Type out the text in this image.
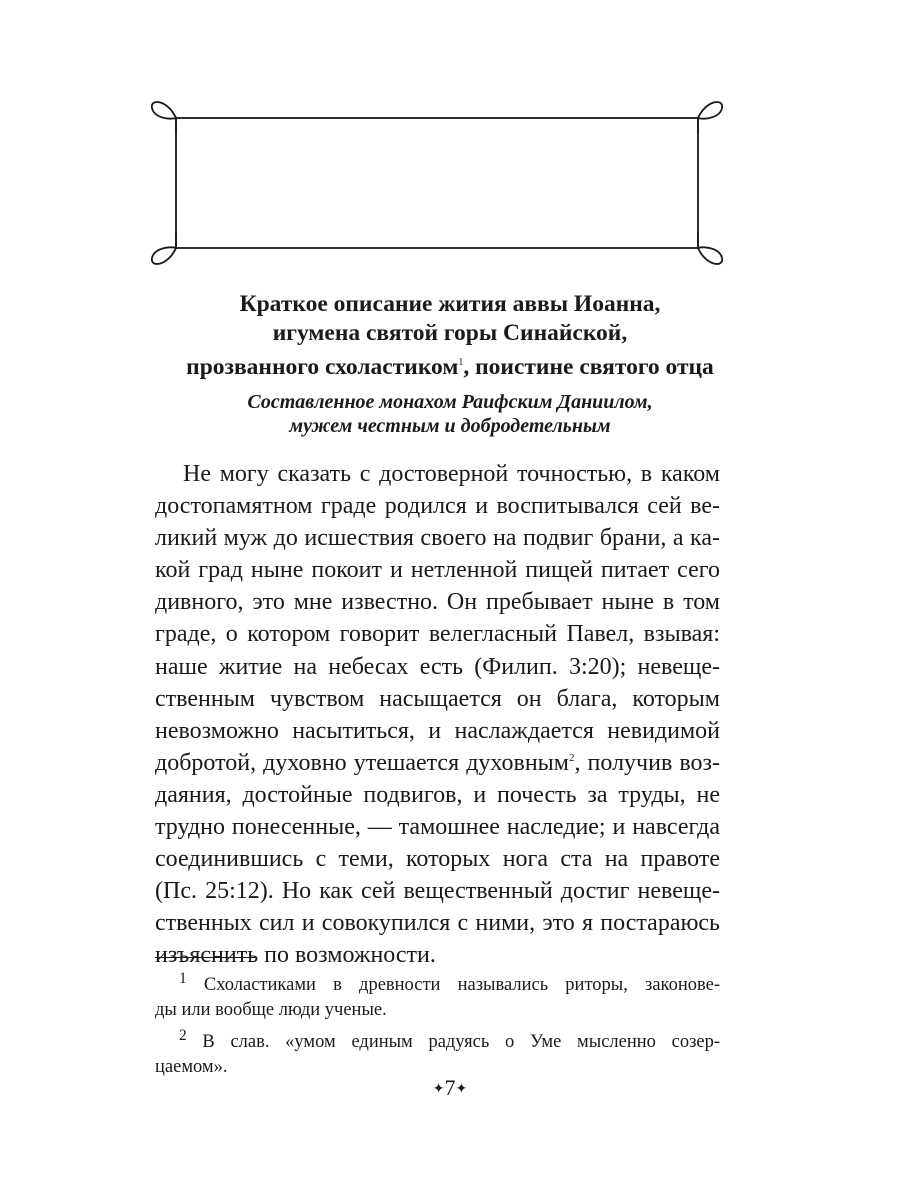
Краткое описание жития аввы Иоанна,
игумена святой горы Синайской,
прозванного схоластиком$^1$, поистине святого отца
Составленное монахом Раифским Даниилом,
мужем честным и добродетельным
Не могу сказать с достоверной точностью, в каком
достопамятном граде родился и воспитывался сей ве-
ликий муж до исшествия своего на подвиг брани, а ка-
кой град ныне покоит и нетленной пищей питает сего
дивного, это мне известно. Он пребывает ныне в том
граде, о котором говорит велегласный Павел, взывая:
наше житие на небесах есть (Филип. 3:20); невеще-
ственным чувством насыщается он блага, которым
невозможно насытиться, и наслаждается невидимой
добротой, духовно утешается духовным$^2$, получив воз-
даяния, достойные подвигов, и почесть за труды, не
трудно понесенные, — тамошнее наследие; и навсегда
соединившись с теми, которых нога ста на правоте
(Пс. 25:12). Но как сей вещественный достиг невеще-
ственных сил и совокупился с ними, это я постараюсь
изъяснить по возможности.
$^1$ Схоластиками в древности назывались риторы, законове-
ды или вообще люди ученые.
$^2$ В слав. «умом единым радуясь о Уме мысленно созер-
цаемом».
✦7✦
